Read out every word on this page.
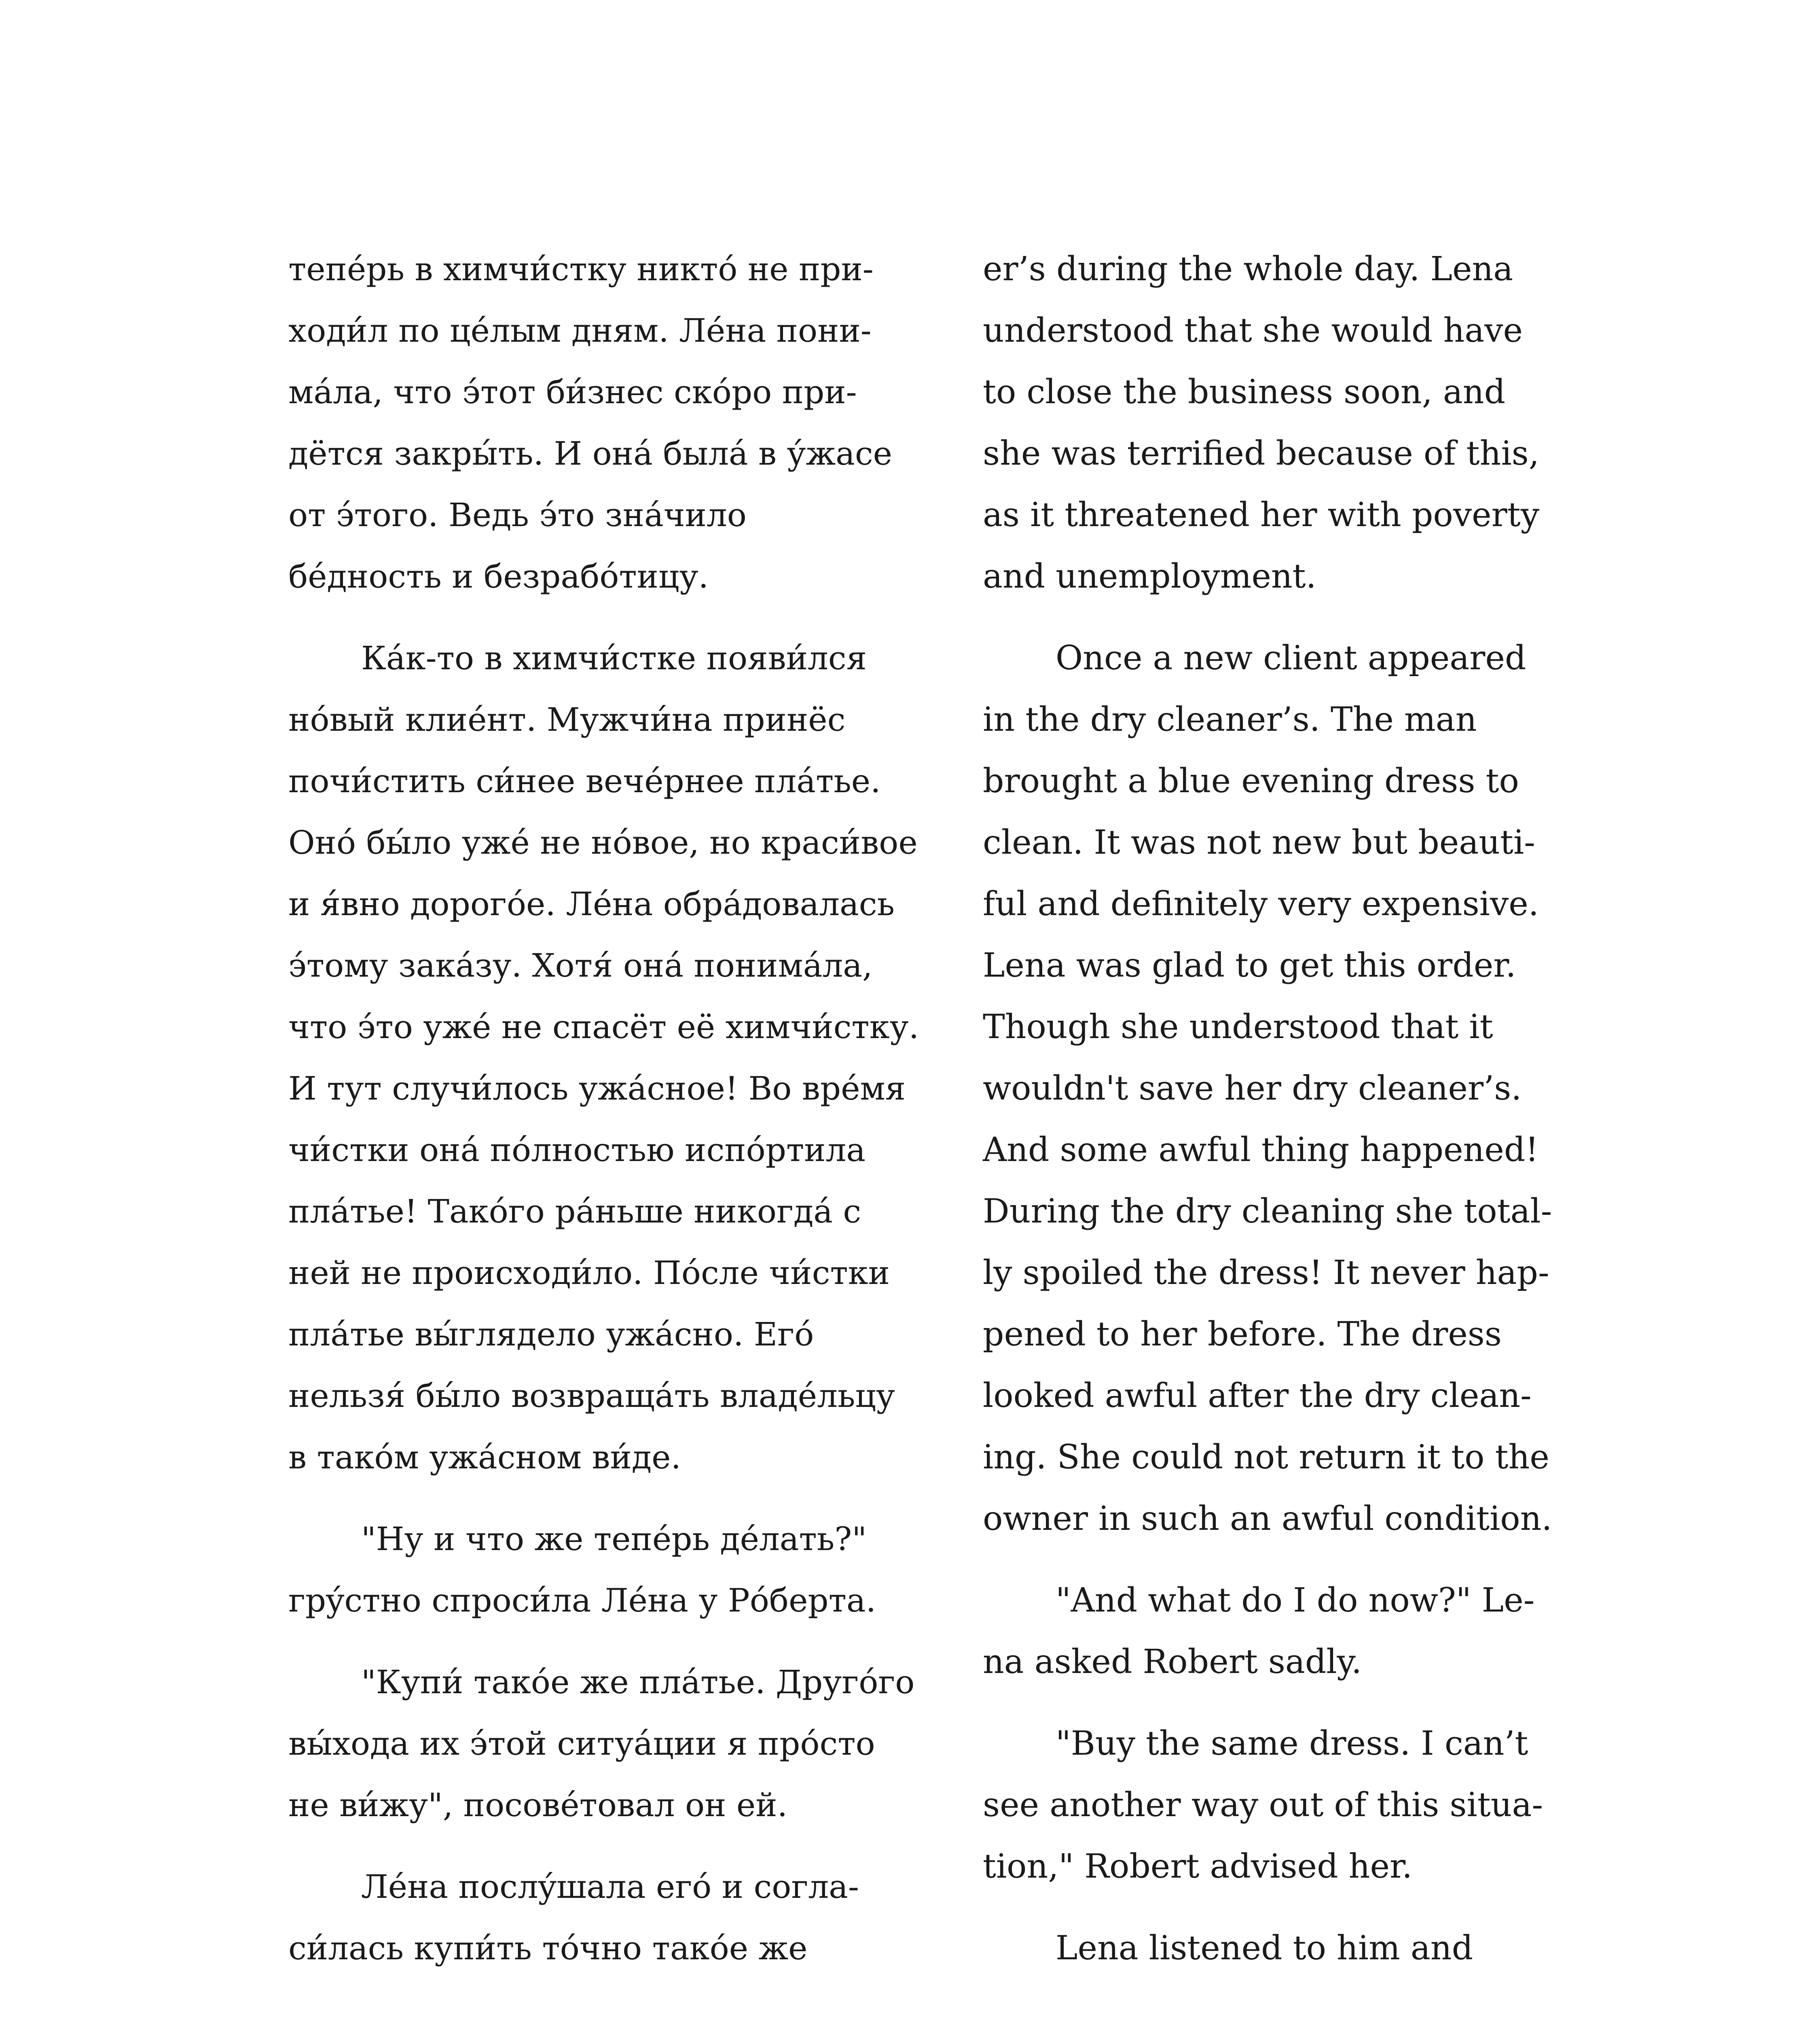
тепéрь в химчи́стку никтó не при-
ходи́л по цéлым дням. Лéна пони-
мáла, что э́тот би́знес скóро при-
дётся закры́ть. И онá былá в у́жасе
от э́того. Ведь э́то знáчило
бéдность и безрабóтицу.
Кáк-то в химчи́стке появи́лся
нóвый клиéнт. Мужчи́на принёс
почи́стить си́нее вечéрнее плáтье.
Онó бы́ло ужé не нóвое, но краси́вое
и я́вно дорогóе. Лéна обрáдовалась
э́тому закáзу. Хотя́ онá понимáла,
что э́то ужé не спасёт её химчи́стку.
И тут случи́лось ужáсное! Во врéмя
чи́стки онá пóлностью испóртила
плáтье! Такóго рáньше никогдá с
ней не происходи́ло. Пóсле чи́стки
плáтье вы́глядело ужáсно. Егó
нельзя́ бы́ло возвращáть владéльцу
в такóм ужáсном ви́де.
"Ну и что же тепéрь дéлать?"
грýстно спроси́ла Лéна у Рóберта.
"Купи́ такóе же плáтье. Другóго
вы́хода их э́той ситуáции я прóсто
не ви́жу", посовéтовал он ей.
Лéна послýшала егó и согла-
си́лась купи́ть тóчно такóе же
er’s during the whole day. Lena
understood that she would have
to close the business soon, and
she was terrified because of this,
as it threatened her with poverty
and unemployment.
Once a new client appeared
in the dry cleaner’s. The man
brought a blue evening dress to
clean. It was not new but beauti-
ful and definitely very expensive.
Lena was glad to get this order.
Though she understood that it
wouldn't save her dry cleaner’s.
And some awful thing happened!
During the dry cleaning she total-
ly spoiled the dress! It never hap-
pened to her before. The dress
looked awful after the dry clean-
ing. She could not return it to the
owner in such an awful condition.
"And what do I do now?" Le-
na asked Robert sadly.
"Buy the same dress. I can’t
see another way out of this situa-
tion," Robert advised her.
Lena listened to him and
